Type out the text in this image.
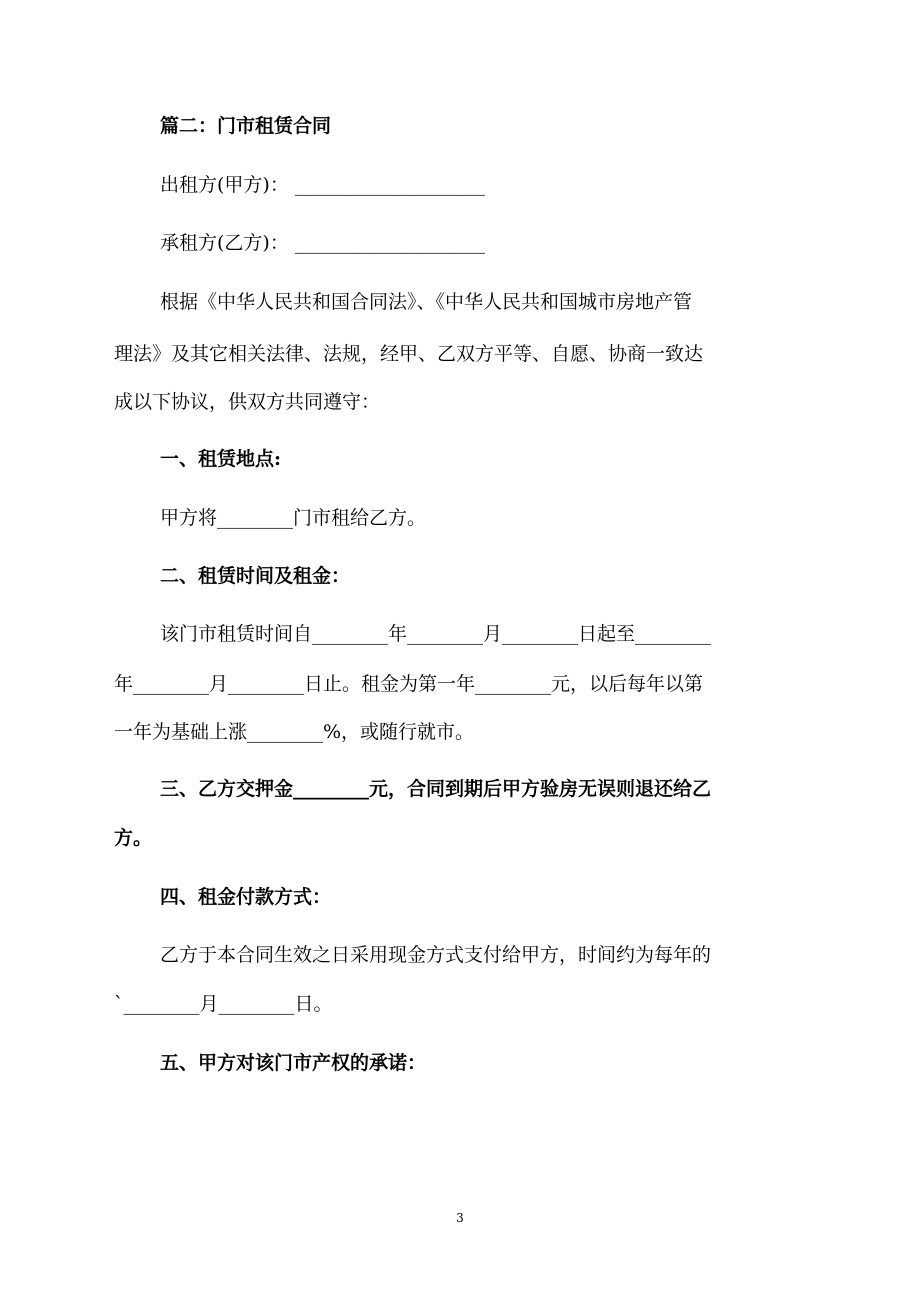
篇二：门市租赁合同
出租方(甲方)： ____________________
承租方(乙方)： ____________________
根据《中华人民共和国合同法》、《中华人民共和国城市房地产管
理法》及其它相关法律、法规，经甲、乙双方平等、自愿、协商一致达
成以下协议，供双方共同遵守：
一、租赁地点:
甲方将________门市租给乙方。
二、租赁时间及租金：
该门市租赁时间自________年________月________日起至________
年________月________日止。租金为第一年________元，以后每年以第
一年为基础上涨________%，或随行就市。
三、乙方交押金________元，合同到期后甲方验房无误则退还给乙
方。
四、租金付款方式：
乙方于本合同生效之日采用现金方式支付给甲方，时间约为每年的
`________月________日。
五、甲方对该门市产权的承诺：
3
